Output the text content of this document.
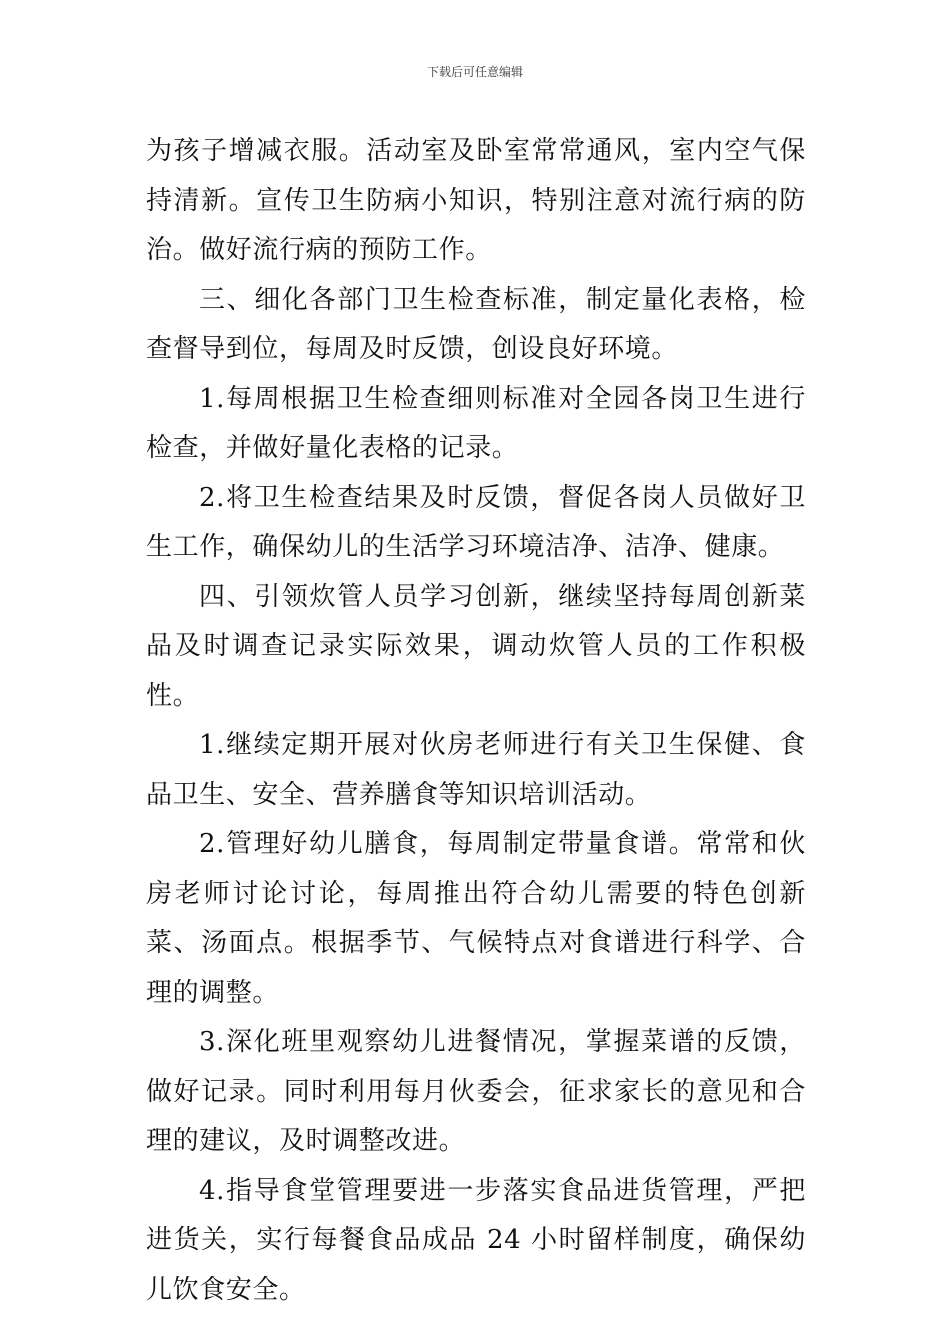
下载后可任意编辑

为孩子增减衣服。活动室及卧室常常通风，室内空气保持清新。宣传卫生防病小知识，特别注意对流行病的防治。做好流行病的预防工作。

三、细化各部门卫生检查标准，制定量化表格，检查督导到位，每周及时反馈，创设良好环境。

1.每周根据卫生检查细则标准对全园各岗卫生进行检查，并做好量化表格的记录。

2.将卫生检查结果及时反馈，督促各岗人员做好卫生工作，确保幼儿的生活学习环境洁净、洁净、健康。

四、引领炊管人员学习创新，继续坚持每周创新菜品及时调查记录实际效果，调动炊管人员的工作积极性。

1.继续定期开展对伙房老师进行有关卫生保健、食品卫生、安全、营养膳食等知识培训活动。

2.管理好幼儿膳食，每周制定带量食谱。常常和伙房老师讨论讨论，每周推出符合幼儿需要的特色创新菜、汤面点。根据季节、气候特点对食谱进行科学、合理的调整。

3.深化班里观察幼儿进餐情况，掌握菜谱的反馈，做好记录。同时利用每月伙委会，征求家长的意见和合理的建议，及时调整改进。

4.指导食堂管理要进一步落实食品进货管理，严把进货关，实行每餐食品成品 24 小时留样制度，确保幼儿饮食安全。
